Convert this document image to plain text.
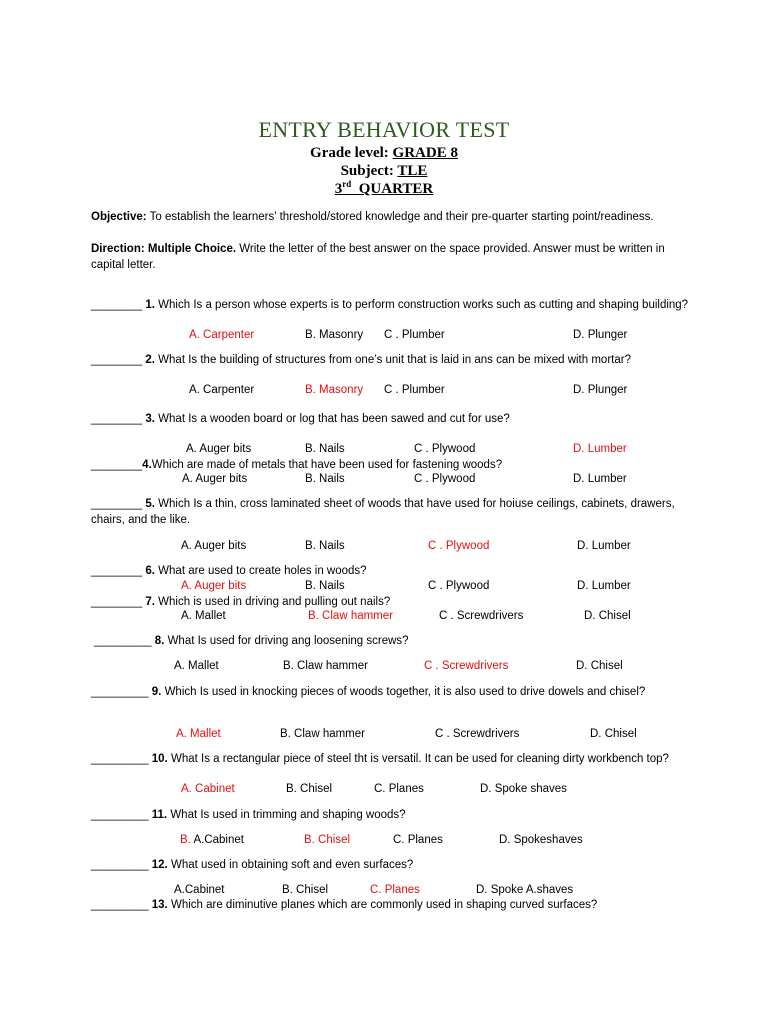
ENTRY BEHAVIOR TEST
Grade level: GRADE 8
Subject: TLE
3rd QUARTER
Objective: To establish the learners’ threshold/stored knowledge and their pre-quarter starting point/readiness.
Direction: Multiple Choice. Write the letter of the best answer on the space provided. Answer must be written in capital letter.
________ 1. Which Is a person whose experts is to perform construction works such as cutting and shaping building?
A. Carpenter	B. Masonry C . Plumber	D. Plunger
________ 2. What Is the building of structures from one’s unit that is laid in ans can be mixed with mortar?
A. Carpenter	B. Masonry C . Plumber	D. Plunger
________ 3. What Is a wooden board or log that has been sawed and cut for use?
A. Auger bits	B. Nails	C . Plywood	D. Lumber
________4.Which are made of metals that have been used for fastening woods?
A. Auger bits	B. Nails	C . Plywood	D. Lumber
________ 5. Which Is a thin, cross laminated sheet of woods that have used for hoiuse ceilings, cabinets, drawers, chairs, and the like.
A. Auger bits	B. Nails	C . Plywood	D. Lumber
________ 6. What are used to create holes in woods?
A. Auger bits	B. Nails	C . Plywood	D. Lumber
________ 7. Which is used in driving and pulling out nails?
A. Mallet	B. Claw hammer	C . Screwdrivers	D. Chisel
_________ 8. What Is used for driving ang loosening screws?
A. Mallet	B. Claw hammer	C . Screwdrivers	D. Chisel
_________ 9. Which Is used in knocking pieces of woods together, it is also used to drive dowels and chisel?
A. Mallet	B. Claw hammer	C . Screwdrivers	D. Chisel
_________ 10. What Is a rectangular piece of steel tht is versatil. It can be used for cleaning dirty workbench top?
A. Cabinet	B. Chisel	C. Planes	D. Spoke shaves
_________ 11. What Is used in trimming and shaping woods?
B. A.Cabinet	B. Chisel	C. Planes	D. Spokeshaves
_________ 12. What used in obtaining soft and even surfaces?
A.Cabinet	B. Chisel	C. Planes	D. Spoke A.shaves
_________ 13. Which are diminutive planes which are commonly used in shaping curved surfaces?
